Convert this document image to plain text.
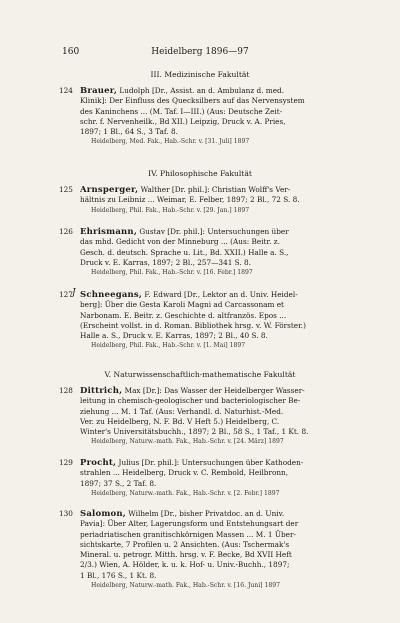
160	Heidelberg 1896—97
III. Medizinische Fakultät
124 Brauer, Ludolph [Dr., Assist. an d. Ambulanz d. med.
Klinik]: Der Einfluss des Quecksilbers auf das Nervensystem
des Kaninchens ... (M. Taf. I—III.) (Aus: Deutsche Zeit-
schr. f. Nervenheilk., Bd XII.) Leipzig, Druck v. A. Pries,
1897; 1 Bl., 64 S., 3 Taf. 8.
Heidelberg, Med. Fak., Hab.-Schr. v. [31. Juli] 1897
IV. Philosophische Fakultät
125 Arnsperger, Walther [Dr. phil.]: Christian Wolff's Ver-
hältnis zu Leibniz ... Weimar, E. Felber, 1897; 2 Bl., 72 S. 8.
Heidelberg, Phil. Fak., Hab.-Schr. v. [29. Jan.] 1897
126 Ehrismann, Gustav [Dr. phil.]: Untersuchungen über
das mhd. Gedicht von der Minneburg ... (Aus: Beitr. z.
Gesch. d. deutsch. Sprache u. Lit., Bd. XXII.) Halle a. S.,
Druck v. E. Karras, 1897; 2 Bl., 257—341 S. 8.
Heidelberg, Phil. Fak., Hab.-Schr. v. [16. Febr.] 1897
127 J Schneegans, F. Edward [Dr., Lektor an d. Univ. Heidel-
berg]: Über die Gesta Karoli Magni ad Carcassonam et
Narbonam. E. Beitr. z. Geschichte d. altfranzös. Epos ...
(Erscheint vollst. in d. Roman. Bibliothek hrsg. v. W. Förster.)
Halle a. S., Druck v. E. Karras, 1897; 2 Bl., 40 S. 8.
Heidelberg, Phil. Fak., Hab.-Schr. v. [1. Mai] 1897
V. Naturwissenschaftlich-mathematische Fakultät
128 Dittrich, Max [Dr.]: Das Wasser der Heidelberger Wasser-
leitung in chemisch-geologischer und bacteriologischer Be-
ziehung ... M. 1 Taf. (Aus: Verhandl. d. Naturhist.-Med.
Ver. zu Heidelberg, N. F. Bd. V Heft 5.) Heidelberg, C.
Winter's Universitätsbuchh., 1897; 2 Bl., 58 S., 1 Taf., 1 Kt. 8.
Heidelberg, Naturw.-math. Fak., Hab.-Schr. v. [24. März] 1897
129 Procht, Julius [Dr. phil.]: Untersuchungen über Kathoden-
strahlen ... Heidelberg, Druck v. C. Rembold, Heilbronn,
1897; 37 S., 2 Taf. 8.
Heidelberg, Naturw.-math. Fak., Hab.-Schr. v. [2. Febr.] 1897
130 Salomon, Wilhelm [Dr., bisher Privatdoc. an d. Univ.
Pavia]: Über Alter, Lagerungsform und Entstehungsart der
periadriatischen granitischkörnigen Massen ... M. 1 Über-
sichtskarte, 7 Profilen u. 2 Ansichten. (Aus: Tschermak's
Mineral. u. petrogr. Mitth. hrsg. v. F. Becke, Bd XVII Heft
2/3.) Wien, A. Hölder, k. u. k. Hof- u. Univ.-Buchh., 1897;
1 Bl., 176 S., 1 Kt. 8.
Heidelberg, Naturw.-math. Fak., Hab.-Schr. v. [16. Juni] 1897
